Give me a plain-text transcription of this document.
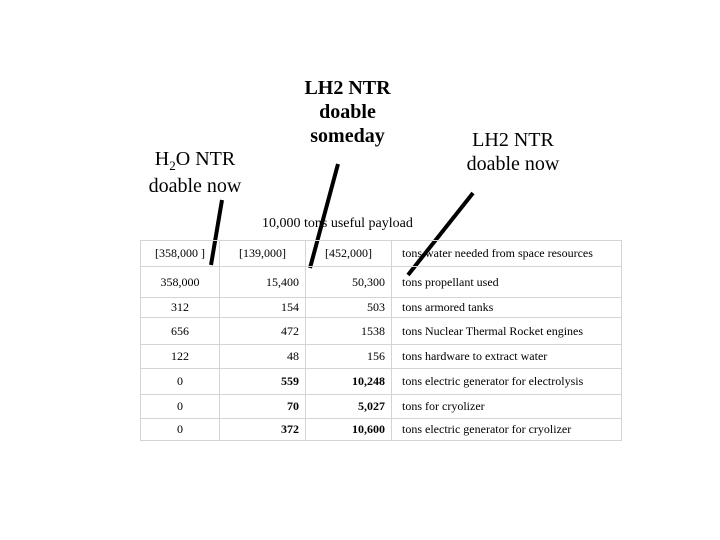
$H_2O$ NTR
doable now
LH2 NTR
doable
someday	LH2 NTR
doable now
10,000 tons useful payload
[358,000 ]	[139,000]	[452,000]	tons water needed from space resources
358,000	15,400	50,300	tons propellant used
312	154	503	tons armored tanks
656	472	1538	tons Nuclear Thermal Rocket engines
122	48	156	tons hardware to extract water
0	559	10,248	tons electric generator for electrolysis
0	70	5,027	tons for cryolizer
0	372	10,600	tons electric generator for cryolizer
